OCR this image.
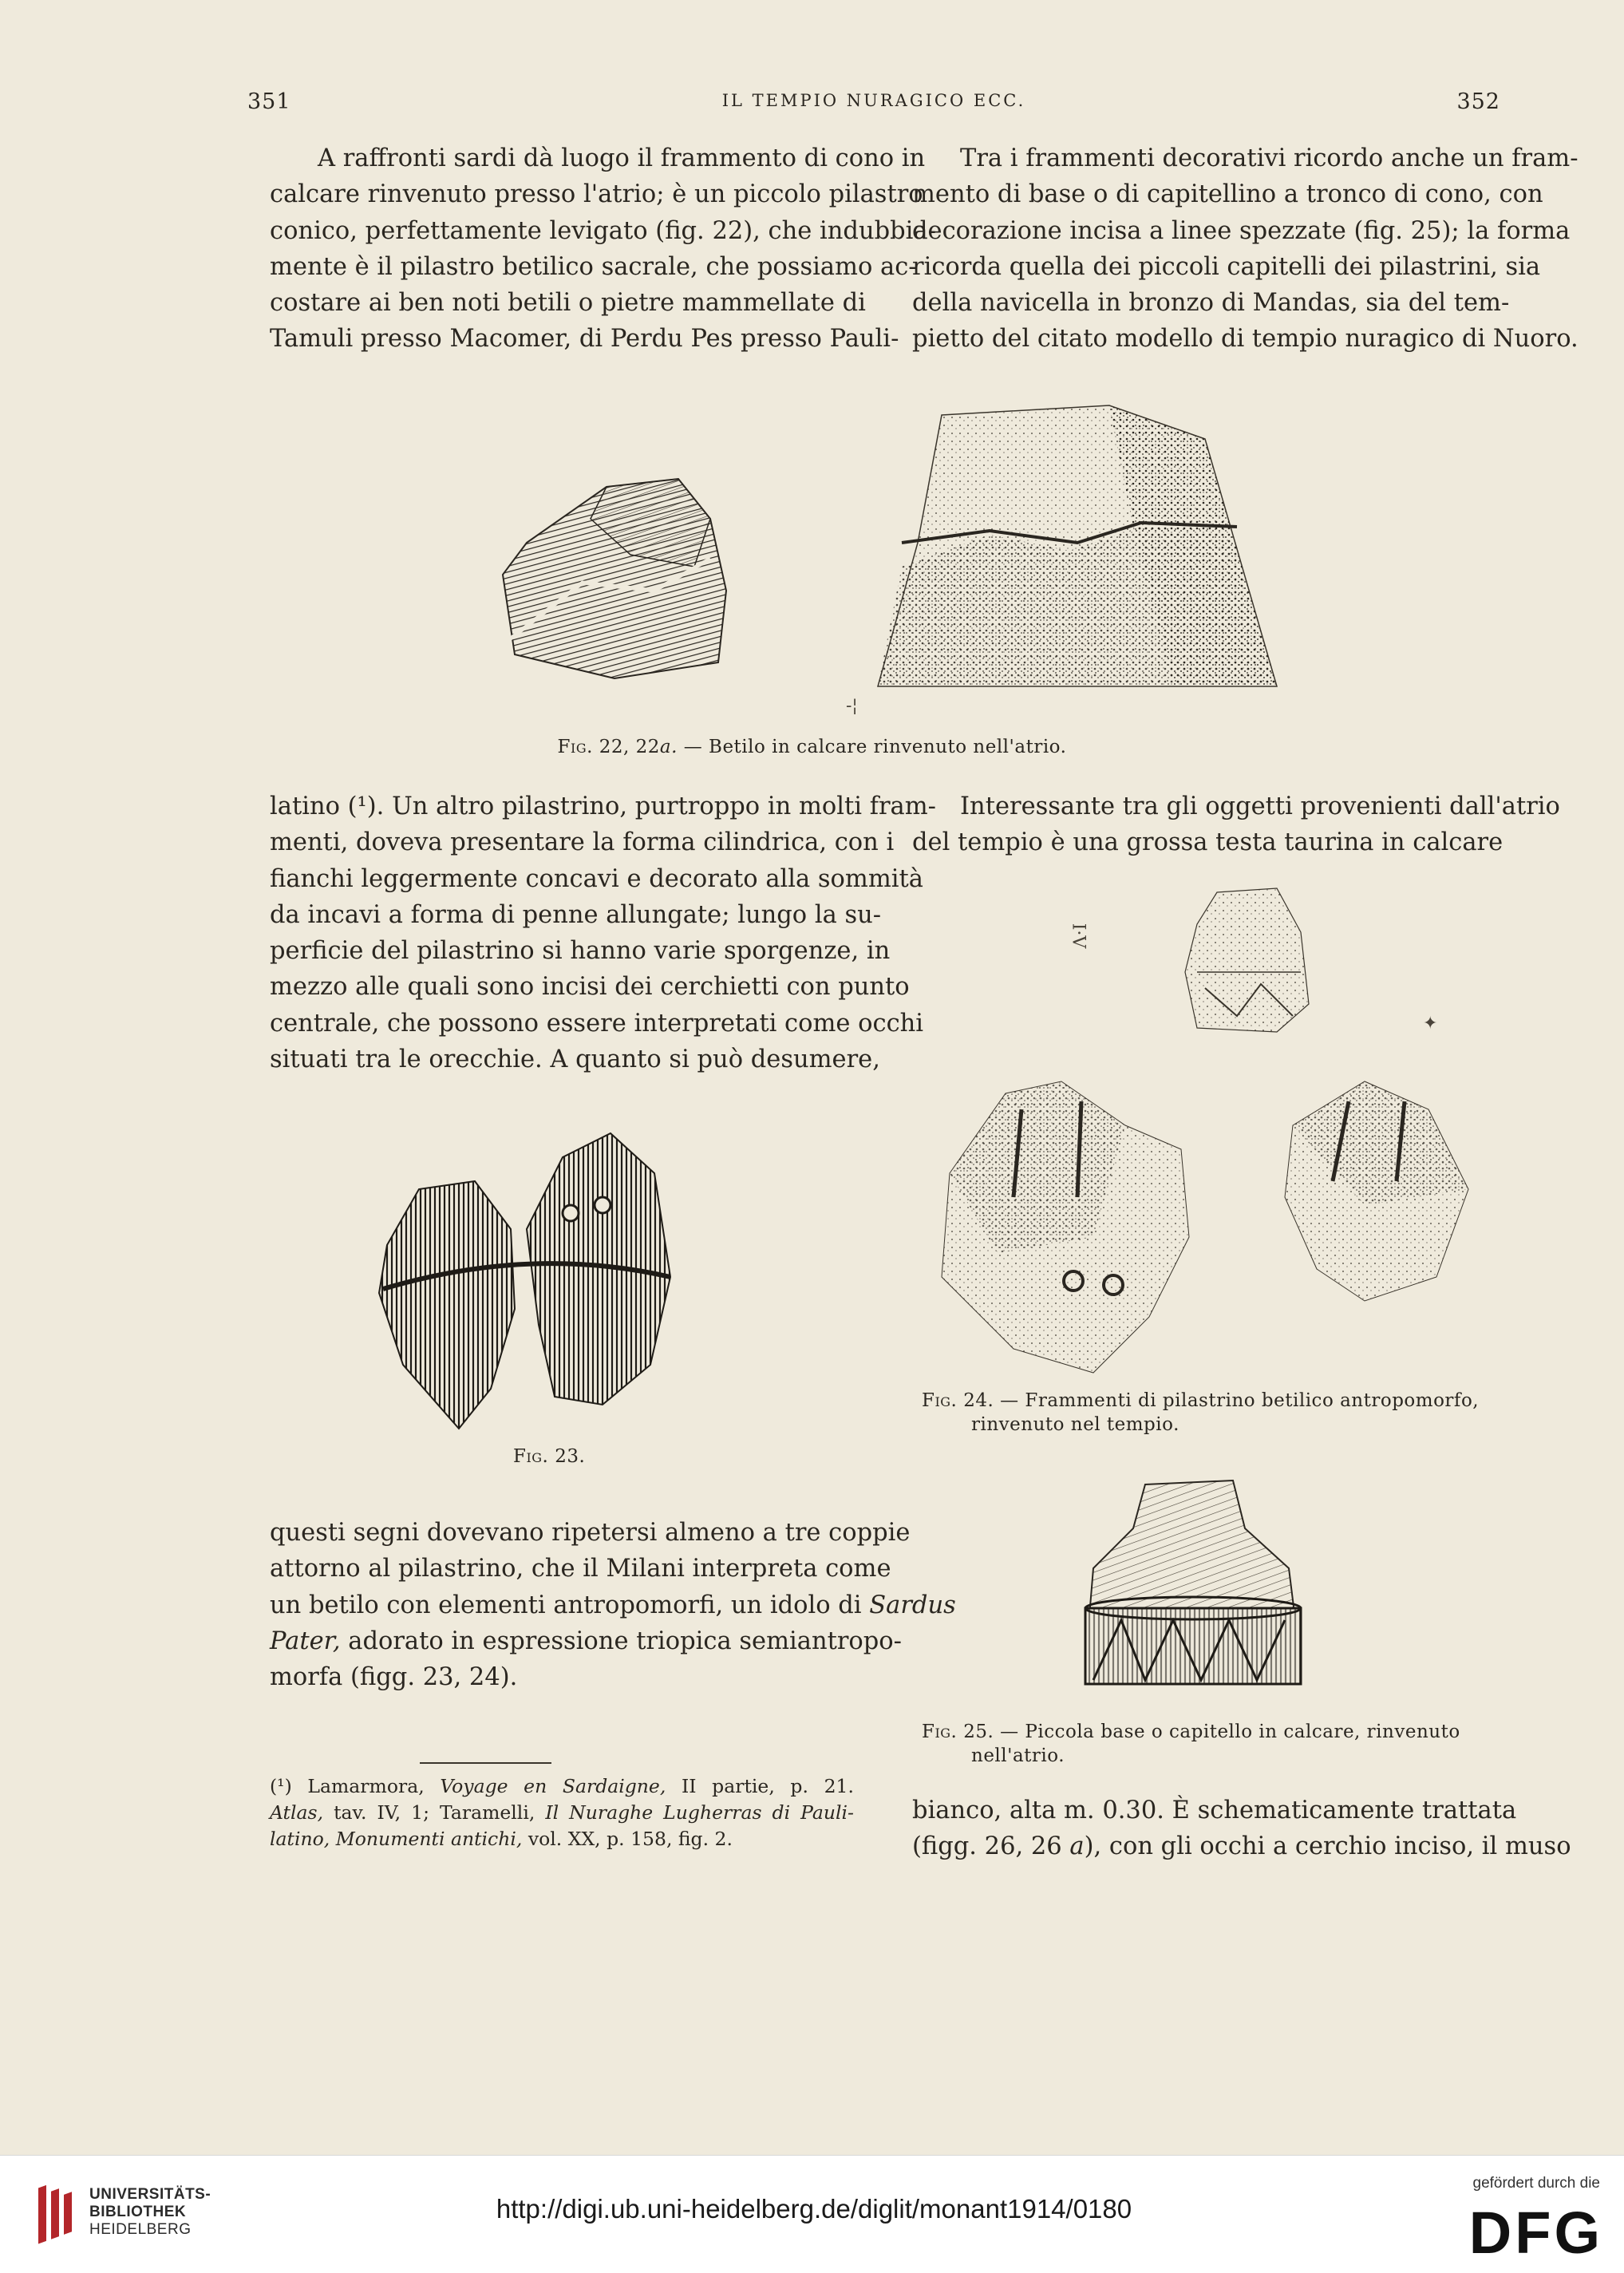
351	IL TEMPIO NURAGICO ECC.	352
A raffronti sardi dà luogo il frammento di cono in
calcare rinvenuto presso l'atrio; è un piccolo pilastro
conico, perfettamente levigato (fig. 22), che indubbia-
mente è il pilastro betilico sacrale, che possiamo ac-
costare ai ben noti betili o pietre mammellate di
Tamuli presso Macomer, di Perdu Pes presso Pauli-
Tra i frammenti decorativi ricordo anche un fram-
mento di base o di capitellino a tronco di cono, con
decorazione incisa a linee spezzate (fig. 25); la forma
ricorda quella dei piccoli capitelli dei pilastrini, sia
della navicella in bronzo di Mandas, sia del tem-
pietto del citato modello di tempio nuragico di Nuoro.
-¦
Fig. 22, 22a. — Betilo in calcare rinvenuto nell'atrio.
latino (¹). Un altro pilastrino, purtroppo in molti fram-
menti, doveva presentare la forma cilindrica, con i
fianchi leggermente concavi e decorato alla sommità
da incavi a forma di penne allungate; lungo la su-
perficie del pilastrino si hanno varie sporgenze, in
mezzo alle quali sono incisi dei cerchietti con punto
centrale, che possono essere interpretati come occhi
situati tra le orecchie. A quanto si può desumere,
Interessante tra gli oggetti provenienti dall'atrio
del tempio è una grossa testa taurina in calcare
I·V
✦
Fig. 23.
Fig. 24. — Frammenti di pilastrino betilico antropomorfo,
rinvenuto nel tempio.
questi segni dovevano ripetersi almeno a tre coppie
attorno al pilastrino, che il Milani interpreta come
un betilo con elementi antropomorfi, un idolo di Sardus
Pater, adorato in espressione triopica semiantropo-
morfa (figg. 23, 24).
Fig. 25. — Piccola base o capitello in calcare, rinvenuto
nell'atrio.
(¹) Lamarmora, Voyage en Sardaigne, II partie, p. 21.
Atlas, tav. IV, 1; Taramelli, Il Nuraghe Lugherras di Pauli-
latino, Monumenti antichi, vol. XX, p. 158, fig. 2.
bianco, alta m. 0.30. È schematicamente trattata
(figg. 26, 26 a), con gli occhi a cerchio inciso, il muso
UNIVERSITÄTS-
BIBLIOTHEK
HEIDELBERG
http://digi.ub.uni-heidelberg.de/diglit/monant1914/0180
gefördert durch die
DFG
